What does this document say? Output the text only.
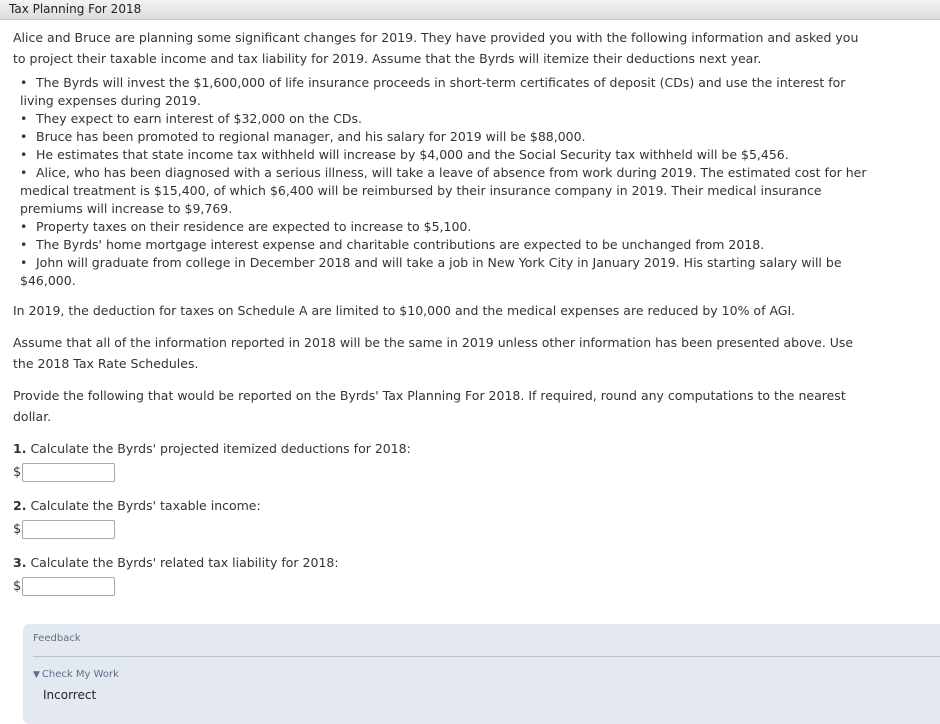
Tax Planning For 2018

Alice and Bruce are planning some significant changes for 2019. They have provided you with the following information and asked you to project their taxable income and tax liability for 2019. Assume that the Byrds will itemize their deductions next year.

• The Byrds will invest the $1,600,000 of life insurance proceeds in short-term certificates of deposit (CDs) and use the interest for living expenses during 2019.
• They expect to earn interest of $32,000 on the CDs.
• Bruce has been promoted to regional manager, and his salary for 2019 will be $88,000.
• He estimates that state income tax withheld will increase by $4,000 and the Social Security tax withheld will be $5,456.
• Alice, who has been diagnosed with a serious illness, will take a leave of absence from work during 2019. The estimated cost for her medical treatment is $15,400, of which $6,400 will be reimbursed by their insurance company in 2019. Their medical insurance premiums will increase to $9,769.
• Property taxes on their residence are expected to increase to $5,100.
• The Byrds' home mortgage interest expense and charitable contributions are expected to be unchanged from 2018.
• John will graduate from college in December 2018 and will take a job in New York City in January 2019. His starting salary will be $46,000.

In 2019, the deduction for taxes on Schedule A are limited to $10,000 and the medical expenses are reduced by 10% of AGI.

Assume that all of the information reported in 2018 will be the same in 2019 unless other information has been presented above. Use the 2018 Tax Rate Schedules.

Provide the following that would be reported on the Byrds' Tax Planning For 2018. If required, round any computations to the nearest dollar.

1. Calculate the Byrds' projected itemized deductions for 2018:
$
2. Calculate the Byrds' taxable income:
$
3. Calculate the Byrds' related tax liability for 2018:
$
Feedback
▼ Check My Work
Incorrect
